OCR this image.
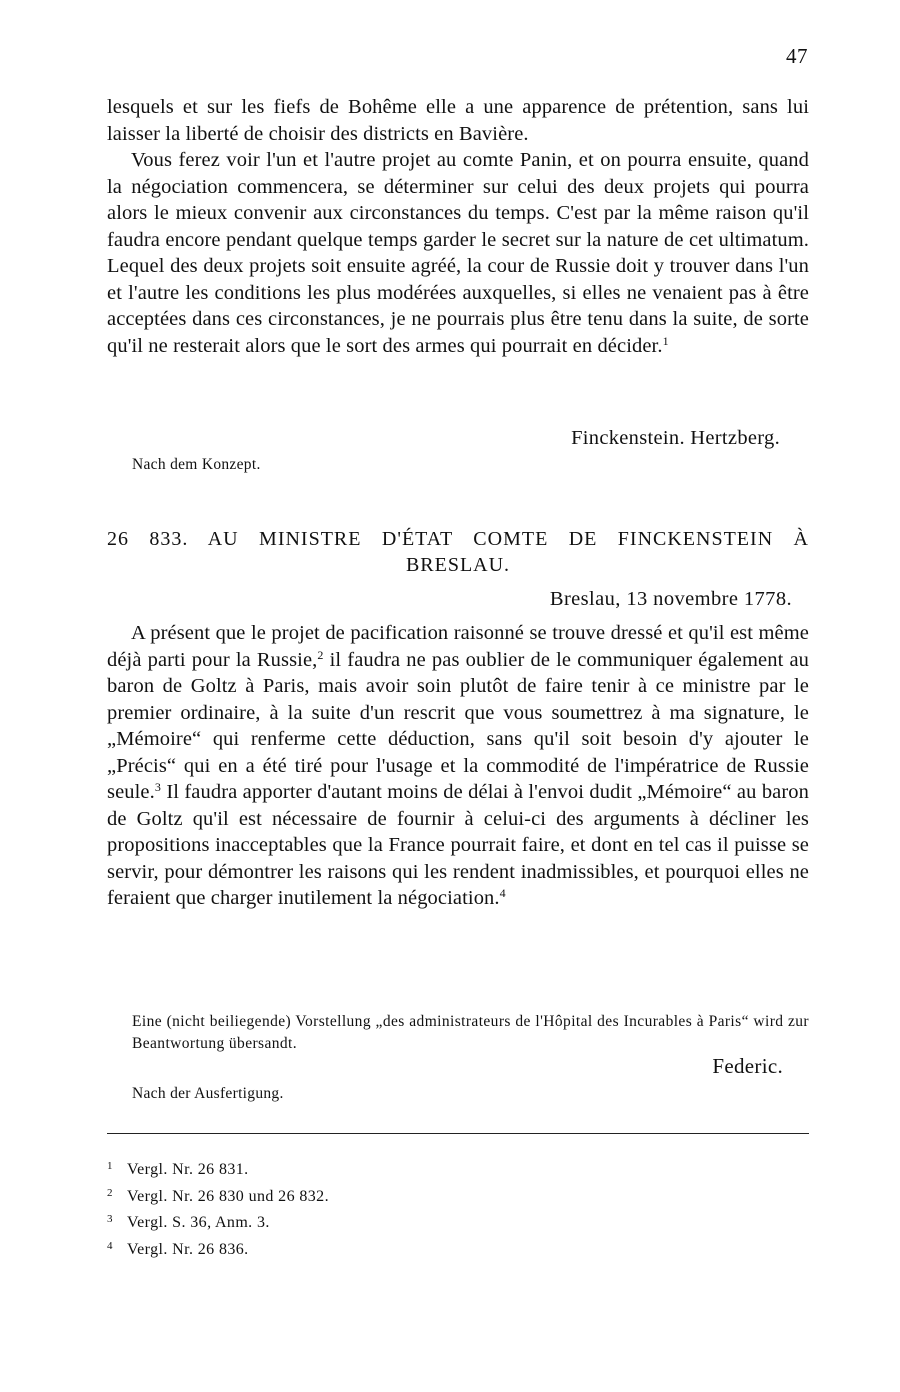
47

lesquels et sur les fiefs de Bohême elle a une apparence de prétention, sans lui laisser la liberté de choisir des districts en Bavière.

Vous ferez voir l'un et l'autre projet au comte Panin, et on pourra ensuite, quand la négociation commencera, se déterminer sur celui des deux projets qui pourra alors le mieux convenir aux circonstances du temps. C'est par la même raison qu'il faudra encore pendant quelque temps garder le secret sur la nature de cet ultimatum. Lequel des deux projets soit ensuite agréé, la cour de Russie doit y trouver dans l'un et l'autre les conditions les plus modérées auxquelles, si elles ne venaient pas à être acceptées dans ces circonstances, je ne pourrais plus être tenu dans la suite, de sorte qu'il ne resterait alors que le sort des armes qui pourrait en décider.$^1$

Finckenstein. Hertzberg.
Nach dem Konzept.
26 833. AU MINISTRE D'ÉTAT COMTE DE FINCKENSTEIN À
BRESLAU.
Breslau, 13 novembre 1778.

A présent que le projet de pacification raisonné se trouve dressé et qu'il est même déjà parti pour la Russie,$^2$ il faudra ne pas oublier de le communiquer également au baron de Goltz à Paris, mais avoir soin plutôt de faire tenir à ce ministre par le premier ordinaire, à la suite d'un rescrit que vous soumettrez à ma signature, le „Mémoire“ qui renferme cette déduction, sans qu'il soit besoin d'y ajouter le „Précis“ qui en a été tiré pour l'usage et la commodité de l'impératrice de Russie seule.$^3$ Il faudra apporter d'autant moins de délai à l'envoi dudit „Mémoire“ au baron de Goltz qu'il est nécessaire de fournir à celui-ci des arguments à décliner les propositions inacceptables que la France pourrait faire, et dont en tel cas il puisse se servir, pour démontrer les raisons qui les rendent inadmissibles, et pourquoi elles ne feraient que charger inutilement la négociation.$^4$

Eine (nicht beiliegende) Vorstellung „des administrateurs de l'Hôpital des Incurables à Paris“ wird zur Beantwortung übersandt.
Federic.
Nach der Ausfertigung.
1 Vergl. Nr. 26 831.
2 Vergl. Nr. 26 830 und 26 832.
3 Vergl. S. 36, Anm. 3.
4 Vergl. Nr. 26 836.
